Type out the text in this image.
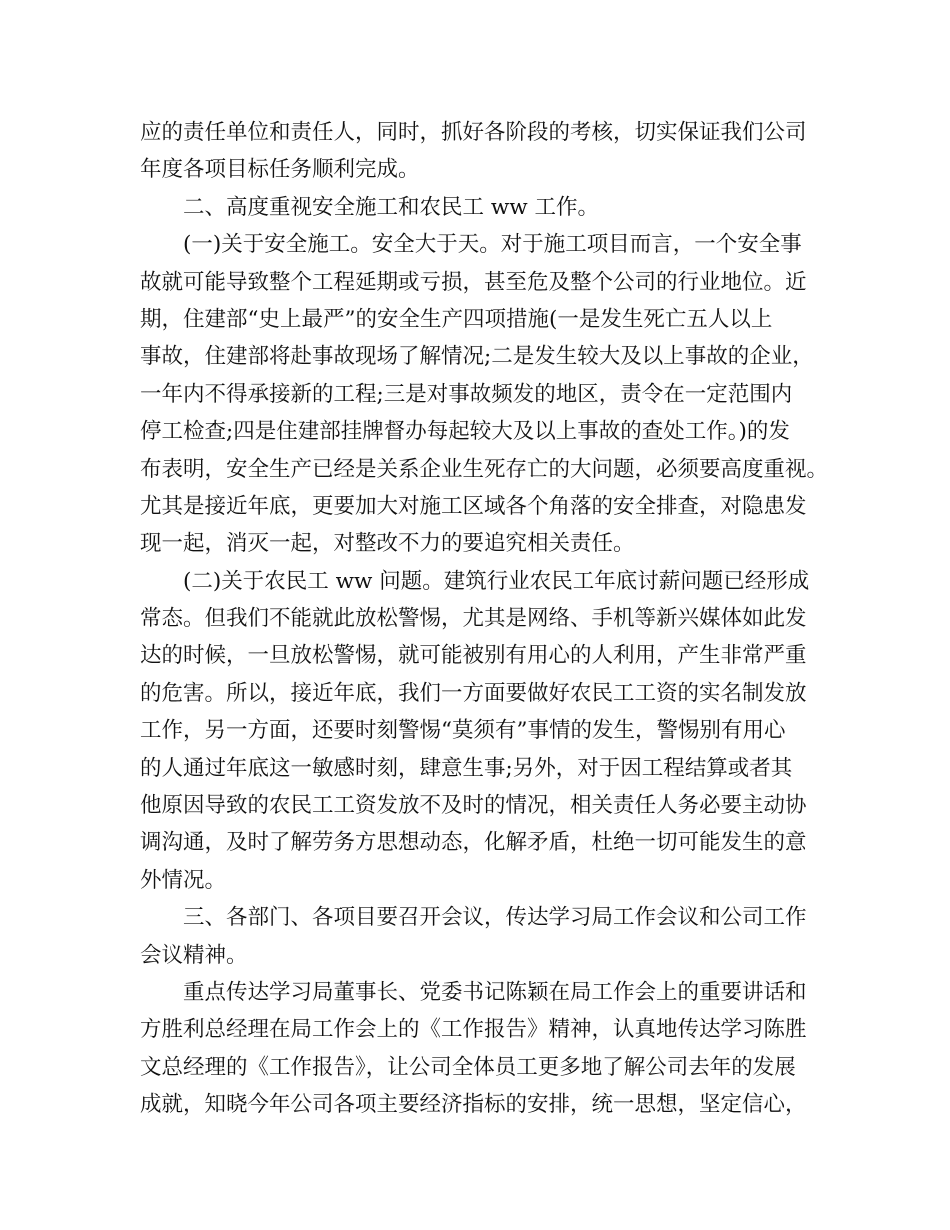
应的责任单位和责任人，同时，抓好各阶段的考核，切实保证我们公司
年度各项目标任务顺利完成。
二、高度重视安全施工和农民工 ww 工作。
(一)关于安全施工。安全大于天。对于施工项目而言，一个安全事
故就可能导致整个工程延期或亏损，甚至危及整个公司的行业地位。近
期，住建部“史上最严”的安全生产四项措施(一是发生死亡五人以上
事故，住建部将赴事故现场了解情况;二是发生较大及以上事故的企业，
一年内不得承接新的工程;三是对事故频发的地区，责令在一定范围内
停工检查;四是住建部挂牌督办每起较大及以上事故的查处工作。)的发
布表明，安全生产已经是关系企业生死存亡的大问题，必须要高度重视。
尤其是接近年底，更要加大对施工区域各个角落的安全排查，对隐患发
现一起，消灭一起，对整改不力的要追究相关责任。
(二)关于农民工 ww 问题。建筑行业农民工年底讨薪问题已经形成
常态。但我们不能就此放松警惕，尤其是网络、手机等新兴媒体如此发
达的时候，一旦放松警惕，就可能被别有用心的人利用，产生非常严重
的危害。所以，接近年底，我们一方面要做好农民工工资的实名制发放
工作，另一方面，还要时刻警惕“莫须有”事情的发生，警惕别有用心
的人通过年底这一敏感时刻，肆意生事;另外，对于因工程结算或者其
他原因导致的农民工工资发放不及时的情况，相关责任人务必要主动协
调沟通，及时了解劳务方思想动态，化解矛盾，杜绝一切可能发生的意
外情况。
三、各部门、各项目要召开会议，传达学习局工作会议和公司工作
会议精神。
重点传达学习局董事长、党委书记陈颖在局工作会上的重要讲话和
方胜利总经理在局工作会上的《工作报告》精神，认真地传达学习陈胜
文总经理的《工作报告》，让公司全体员工更多地了解公司去年的发展
成就，知晓今年公司各项主要经济指标的安排，统一思想，坚定信心，
